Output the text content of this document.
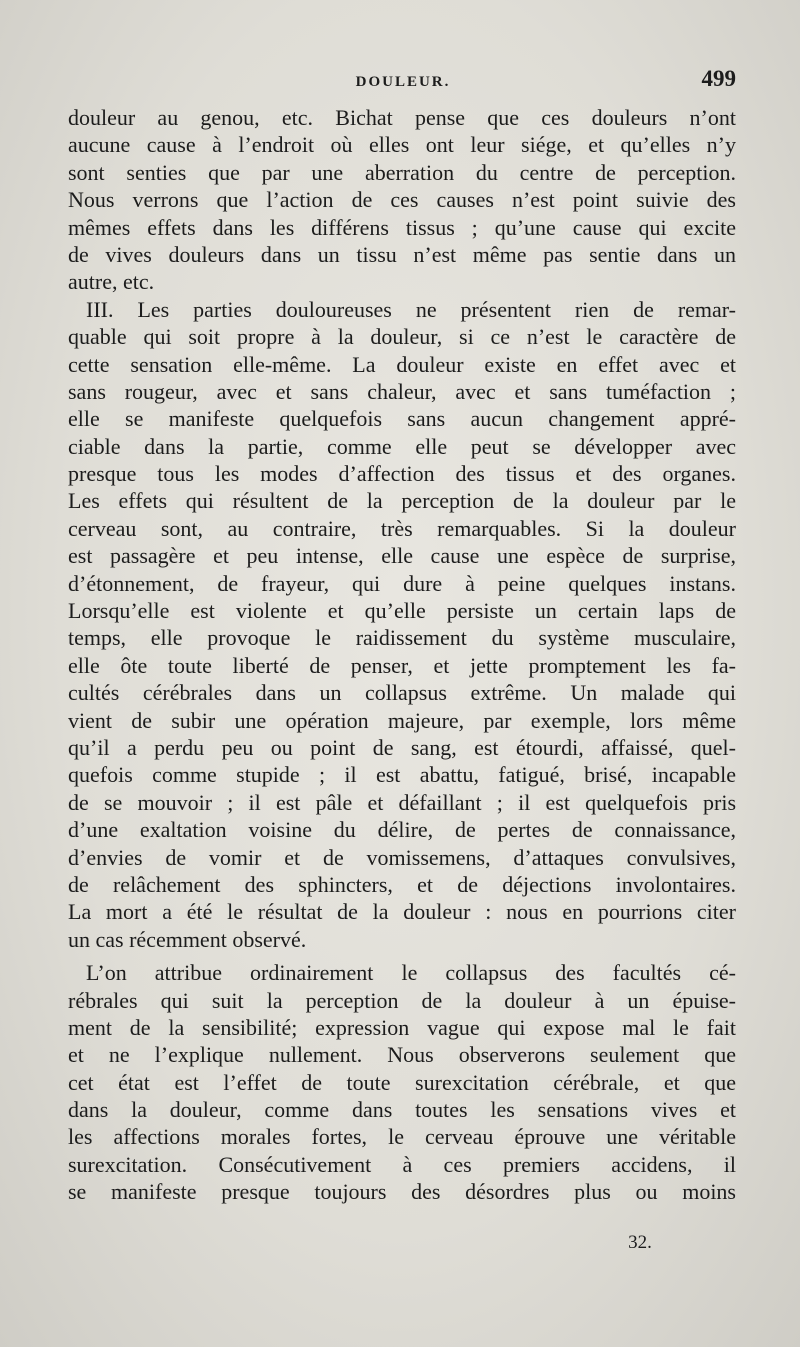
DOULEUR.	499
douleur au genou, etc. Bichat pense que ces douleurs n’ont
aucune cause à l’endroit où elles ont leur siége, et qu’elles n’y
sont senties que par une aberration du centre de perception.
Nous verrons que l’action de ces causes n’est point suivie des
mêmes effets dans les différens tissus ; qu’une cause qui excite
de vives douleurs dans un tissu n’est même pas sentie dans un
autre, etc.
III. Les parties douloureuses ne présentent rien de remar-
quable qui soit propre à la douleur, si ce n’est le caractère de
cette sensation elle-même. La douleur existe en effet avec et
sans rougeur, avec et sans chaleur, avec et sans tuméfaction ;
elle se manifeste quelquefois sans aucun changement appré-
ciable dans la partie, comme elle peut se développer avec
presque tous les modes d’affection des tissus et des organes.
Les effets qui résultent de la perception de la douleur par le
cerveau sont, au contraire, très remarquables. Si la douleur
est passagère et peu intense, elle cause une espèce de surprise,
d’étonnement, de frayeur, qui dure à peine quelques instans.
Lorsqu’elle est violente et qu’elle persiste un certain laps de
temps, elle provoque le raidissement du système musculaire,
elle ôte toute liberté de penser, et jette promptement les fa-
cultés cérébrales dans un collapsus extrême. Un malade qui
vient de subir une opération majeure, par exemple, lors même
qu’il a perdu peu ou point de sang, est étourdi, affaissé, quel-
quefois comme stupide ; il est abattu, fatigué, brisé, incapable
de se mouvoir ; il est pâle et défaillant ; il est quelquefois pris
d’une exaltation voisine du délire, de pertes de connaissance,
d’envies de vomir et de vomissemens, d’attaques convulsives,
de relâchement des sphincters, et de déjections involontaires.
La mort a été le résultat de la douleur : nous en pourrions citer
un cas récemment observé.
L’on attribue ordinairement le collapsus des facultés cé-
rébrales qui suit la perception de la douleur à un épuise-
ment de la sensibilité; expression vague qui expose mal le fait
et ne l’explique nullement. Nous observerons seulement que
cet état est l’effet de toute surexcitation cérébrale, et que
dans la douleur, comme dans toutes les sensations vives et
les affections morales fortes, le cerveau éprouve une véritable
surexcitation. Consécutivement à ces premiers accidens, il
se manifeste presque toujours des désordres plus ou moins
32.
